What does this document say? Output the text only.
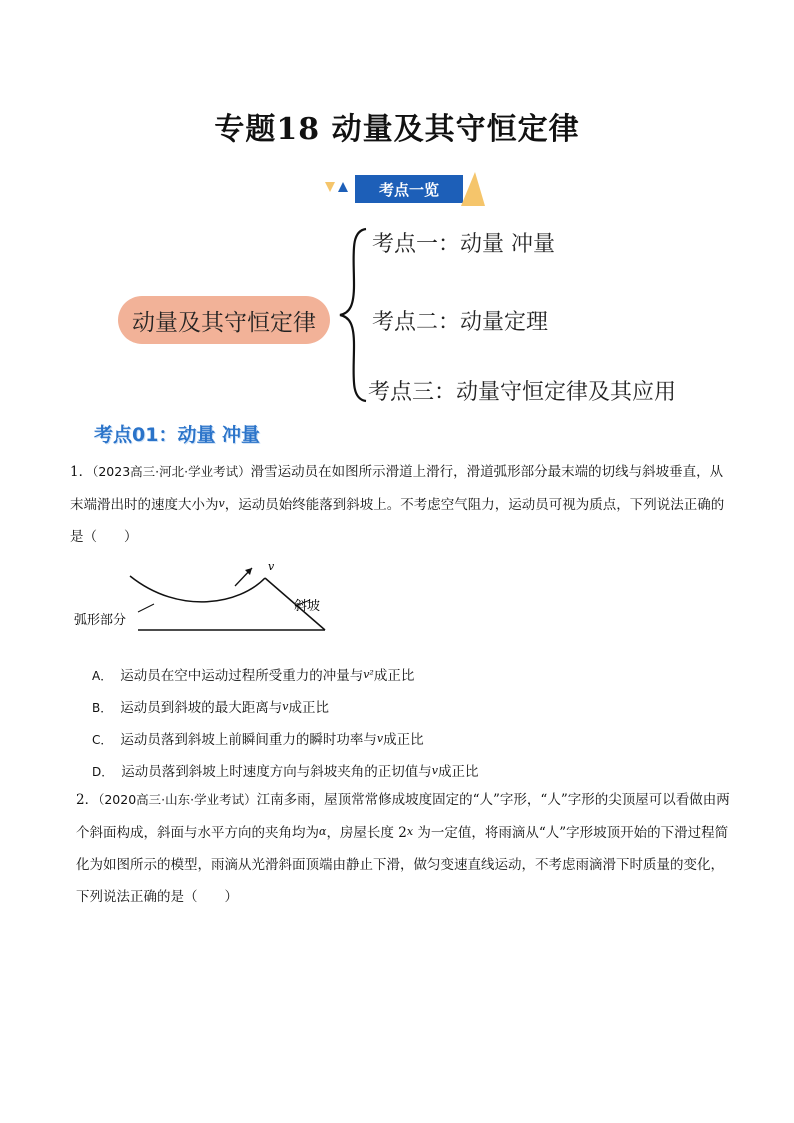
专题18 动量及其守恒定律
考点一览
动量及其守恒定律
考点一：动量 冲量
考点二：动量定理
考点三：动量守恒定律及其应用
考点01：动量 冲量
1．（2023高三·河北·学业考试）滑雪运动员在如图所示滑道上滑行，滑道弧形部分最末端的切线与斜坡垂直，从末端滑出时的速度大小为v，运动员始终能落到斜坡上。不考虑空气阻力，运动员可视为质点，下列说法正确的是（　　）
v
斜坡
弧形部分
A． 运动员在空中运动过程所受重力的冲量与v²成正比
B． 运动员到斜坡的最大距离与v成正比
C． 运动员落到斜坡上前瞬间重力的瞬时功率与v成正比
D． 运动员落到斜坡上时速度方向与斜坡夹角的正切值与v成正比
2．（2020高三·山东·学业考试）江南多雨，屋顶常常修成坡度固定的“人”字形，“人”字形的尖顶屋可以看做由两个斜面构成，斜面与水平方向的夹角均为α，房屋长度 2x 为一定值，将雨滴从“人”字形坡顶开始的下滑过程简化为如图所示的模型，雨滴从光滑斜面顶端由静止下滑，做匀变速直线运动，不考虑雨滴滑下时质量的变化，下列说法正确的是（　　）
